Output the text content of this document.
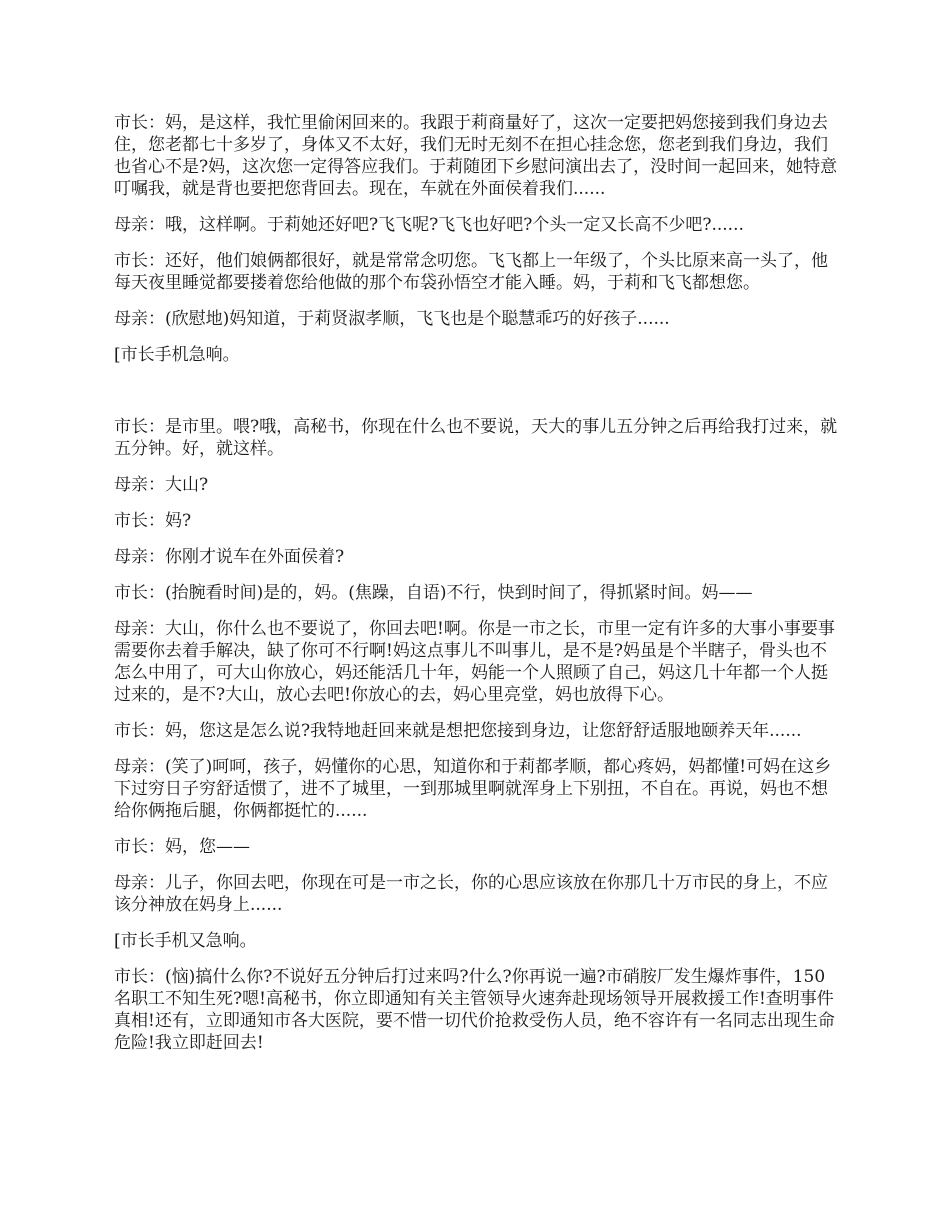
市长：妈，是这样，我忙里偷闲回来的。我跟于莉商量好了，这次一定要把妈您接到我们身边去住，您老都七十多岁了，身体又不太好，我们无时无刻不在担心挂念您，您老到我们身边，我们也省心不是?妈，这次您一定得答应我们。于莉随团下乡慰问演出去了，没时间一起回来，她特意叮嘱我，就是背也要把您背回去。现在，车就在外面侯着我们......

母亲：哦，这样啊。于莉她还好吧?飞飞呢?飞飞也好吧?个头一定又长高不少吧?......

市长：还好，他们娘俩都很好，就是常常念叨您。飞飞都上一年级了，个头比原来高一头了，他每天夜里睡觉都要搂着您给他做的那个布袋孙悟空才能入睡。妈，于莉和飞飞都想您。

母亲：(欣慰地)妈知道，于莉贤淑孝顺，飞飞也是个聪慧乖巧的好孩子......

[市长手机急响。

市长：是市里。喂?哦，高秘书，你现在什么也不要说，天大的事儿五分钟之后再给我打过来，就五分钟。好，就这样。

母亲：大山?

市长：妈?

母亲：你刚才说车在外面侯着?

市长：(抬腕看时间)是的，妈。(焦躁，自语)不行，快到时间了，得抓紧时间。妈——

母亲：大山，你什么也不要说了，你回去吧!啊。你是一市之长，市里一定有许多的大事小事要事需要你去着手解决，缺了你可不行啊!妈这点事儿不叫事儿，是不是?妈虽是个半瞎子，骨头也不怎么中用了，可大山你放心，妈还能活几十年，妈能一个人照顾了自己，妈这几十年都一个人挺过来的，是不?大山，放心去吧!你放心的去，妈心里亮堂，妈也放得下心。

市长：妈，您这是怎么说?我特地赶回来就是想把您接到身边，让您舒舒适服地颐养天年......

母亲：(笑了)呵呵，孩子，妈懂你的心思，知道你和于莉都孝顺，都心疼妈，妈都懂!可妈在这乡下过穷日子穷舒适惯了，进不了城里，一到那城里啊就浑身上下别扭，不自在。再说，妈也不想给你俩拖后腿，你俩都挺忙的......

市长：妈，您——

母亲：儿子，你回去吧，你现在可是一市之长，你的心思应该放在你那几十万市民的身上，不应该分神放在妈身上......

[市长手机又急响。

市长：(恼)搞什么你?不说好五分钟后打过来吗?什么?你再说一遍?市硝胺厂发生爆炸事件，150 名职工不知生死?嗯!高秘书，你立即通知有关主管领导火速奔赴现场领导开展救援工作!查明事件真相!还有，立即通知市各大医院，要不惜一切代价抢救受伤人员，绝不容许有一名同志出现生命危险!我立即赶回去!
